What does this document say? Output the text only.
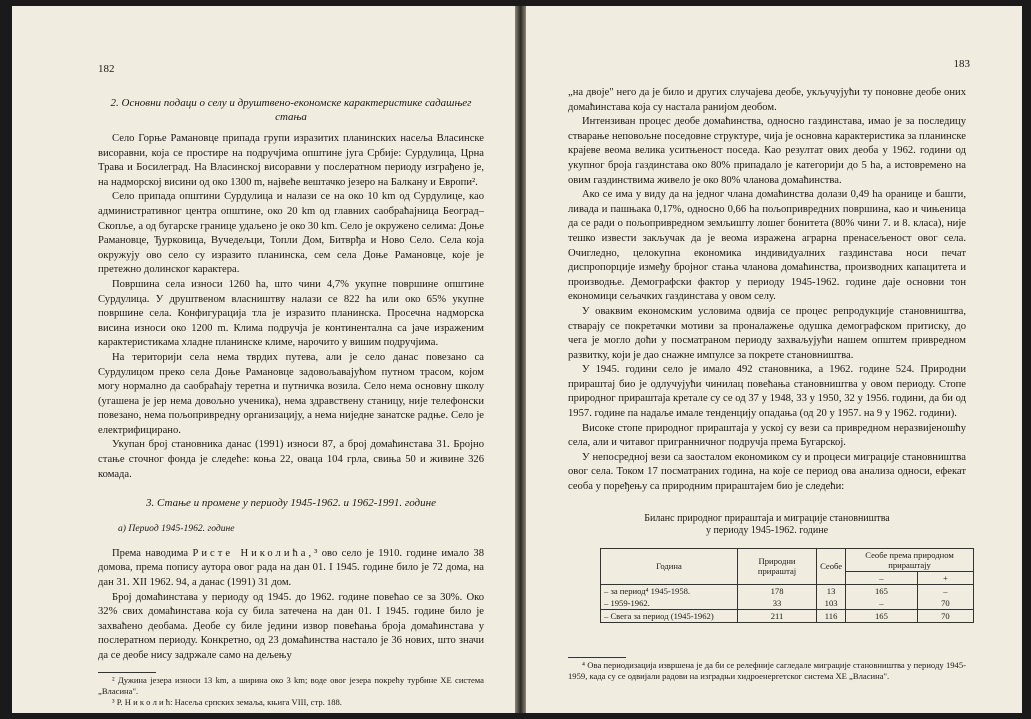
182
2. Основни подаци о селу и друштвено-економске карактеристике садашњег стања

Село Горње Рамановце припада групи изразитих планинских насеља Власинске висоравни, која се простире на подручјима општине југа Србије: Сурдулица, Црна Трава и Босилеград. На Власинској висоравни у послератном периоду изграђено је, на надморској висини од око 1300 m, највеће вештачко језеро на Балкану и Европи².

Село припада општини Сурдулица и налази се на око 10 km од Сурдулице, као административног центра општине, око 20 km од главних саобраћајница Београд–Скопље, а од бугарске границе удаљено је око 30 km. Село је окружено селима: Доње Рамановце, Ђурковица, Вучедељци, Топли Дом, Битврђа и Ново Село. Села која окружују ово село су изразито планинска, сем села Доње Рамановце, које је претежно долинског карактера.

Површина села износи 1260 ha, што чини 4,7% укупне површине општине Сурдулица. У друштвеном власништву налази се 822 ha или око 65% укупне површине села. Конфигурација тла је изразито планинска. Просечна надморска висина износи око 1200 m. Клима подручја је континентална са јаче израженим карактеристикама хладне планинске климе, нарочито у вишим подручјима.

На територији села нема тврдих путева, али је село данас повезано са Сурдулицом преко села Доње Рамановце задовољавајућом путном трасом, којом могу нормално да саобраћају теретна и путничка возила. Село нема основну школу (угашена је јер нема довољно ученика), нема здравствену станицу, није телефонски повезано, нема пољопривредну организацију, а нема ниједне занатске радње. Село је електрифицирано.

Укупан број становника данас (1991) износи 87, а број домаћинстава 31. Бројно стање сточног фонда је следеће: коња 22, оваца 104 грла, свиња 50 и живине 326 комада.

3. Стање и промене у периоду 1945-1962. и 1962-1991. године
а) Период 1945-1962. године

Према наводима Ристе Николића,³ ово село је 1910. године имало 38 домова, према попису аутора овог рада на дан 01. I 1945. године било је 72 дома, на дан 31. XII 1962. 94, а данас (1991) 31 дом.

Број домаћинстава у периоду од 1945. до 1962. године повећао се за 30%. Око 32% свих домаћинстава која су била затечена на дан 01. I 1945. године било је захваћено деобама. Деобе су биле једини извор повећања броја домаћинстава у послератном периоду. Конкретно, од 23 домаћинства настало је 36 нових, што значи да се деобе нису задржале само на дељењу

² Дужина језера износи 13 km, а ширина око 3 km; воде овог језера покрећу турбине ХЕ система „Власина".

³ Р. Н и к о л и ћ: Насеља српских земаља, књига VIII, стр. 188.

183

„на двоје" него да је било и других случајева деобе, укључујући ту поновне деобе оних домаћинстава која су настала ранијом деобом.

Интензиван процес деобе домаћинства, односно газдинстава, имао је за последицу стварање неповољне поседовне структуре, чија је основна карактеристика за планинске крајеве веома велика уситњеност поседа. Као резултат ових деоба у 1962. години од укупног броја газдинстава око 80% припадало је категорији до 5 ha, а истовремено на овим газдинствима живело је око 80% чланова домаћинства.

Ако се има у виду да на једног члана домаћинства долази 0,49 ha оранице и башти, ливада и пашњака 0,17%, односно 0,66 ha пољопривредних површина, као и чињеница да се ради о пољопривредном земљишту лошег бонитета (80% чини 7. и 8. класа), није тешко извести закључак да је веома изражена аграрна пренасељеност овог села. Очигледно, целокупна економика индивидуалних газдинстава носи печат диспропорције између бројног стања чланова домаћинства, производних капацитета и производње. Демографски фактор у периоду 1945-1962. године даје основни тон економици сељачких газдинстава у овом селу.

У оваквим економским условима одвија се процес репродукције становништва, стварају се покретачки мотиви за проналажење одушка демографском притиску, до чега је могло доћи у посматраном периоду захваљујући нашем општем привредном развитку, који је дао снажне импулсе за покрете становништва.

У 1945. години село је имало 492 становника, а 1962. године 524. Природни прираштај био је одлучујући чинилац повећања становништва у овом периоду. Стопе природног прираштаја кретале су се од 37 у 1948, 33 у 1950, 32 у 1956. години, да би од 1957. године па надаље имале тенденцију опадања (од 20 у 1957. на 9 у 1962. години).

Високе стопе природног прираштаја у уској су вези са привредном неразвијеношћу села, али и читавог пригранничног подручја према Бугарској.

У непосредној вези са заосталом економиком су и процеси миграције становништва овог села. Током 17 посматраних година, на које се период ова анализа односи, ефекат сеоба у поређењу са природним прираштајем био је следећи:

Биланс природног прираштаја и миграције становништва
у периоду 1945-1962. године
Година	Природни прираштај	Сеобе	Сеобе према природном прираштају	
			–	+
– за период⁴ 1945-1958.	178	13	165	–
– 1959-1962.	33	103	–	70
– Свега за период (1945-1962)	211	116	165	70

⁴ Ова периодизација извршена је да би се релефније сагледале миграције становништва у периоду 1945-1959, када су се одвијали радови на изградњи хидроенергетског система ХЕ „Власина".
